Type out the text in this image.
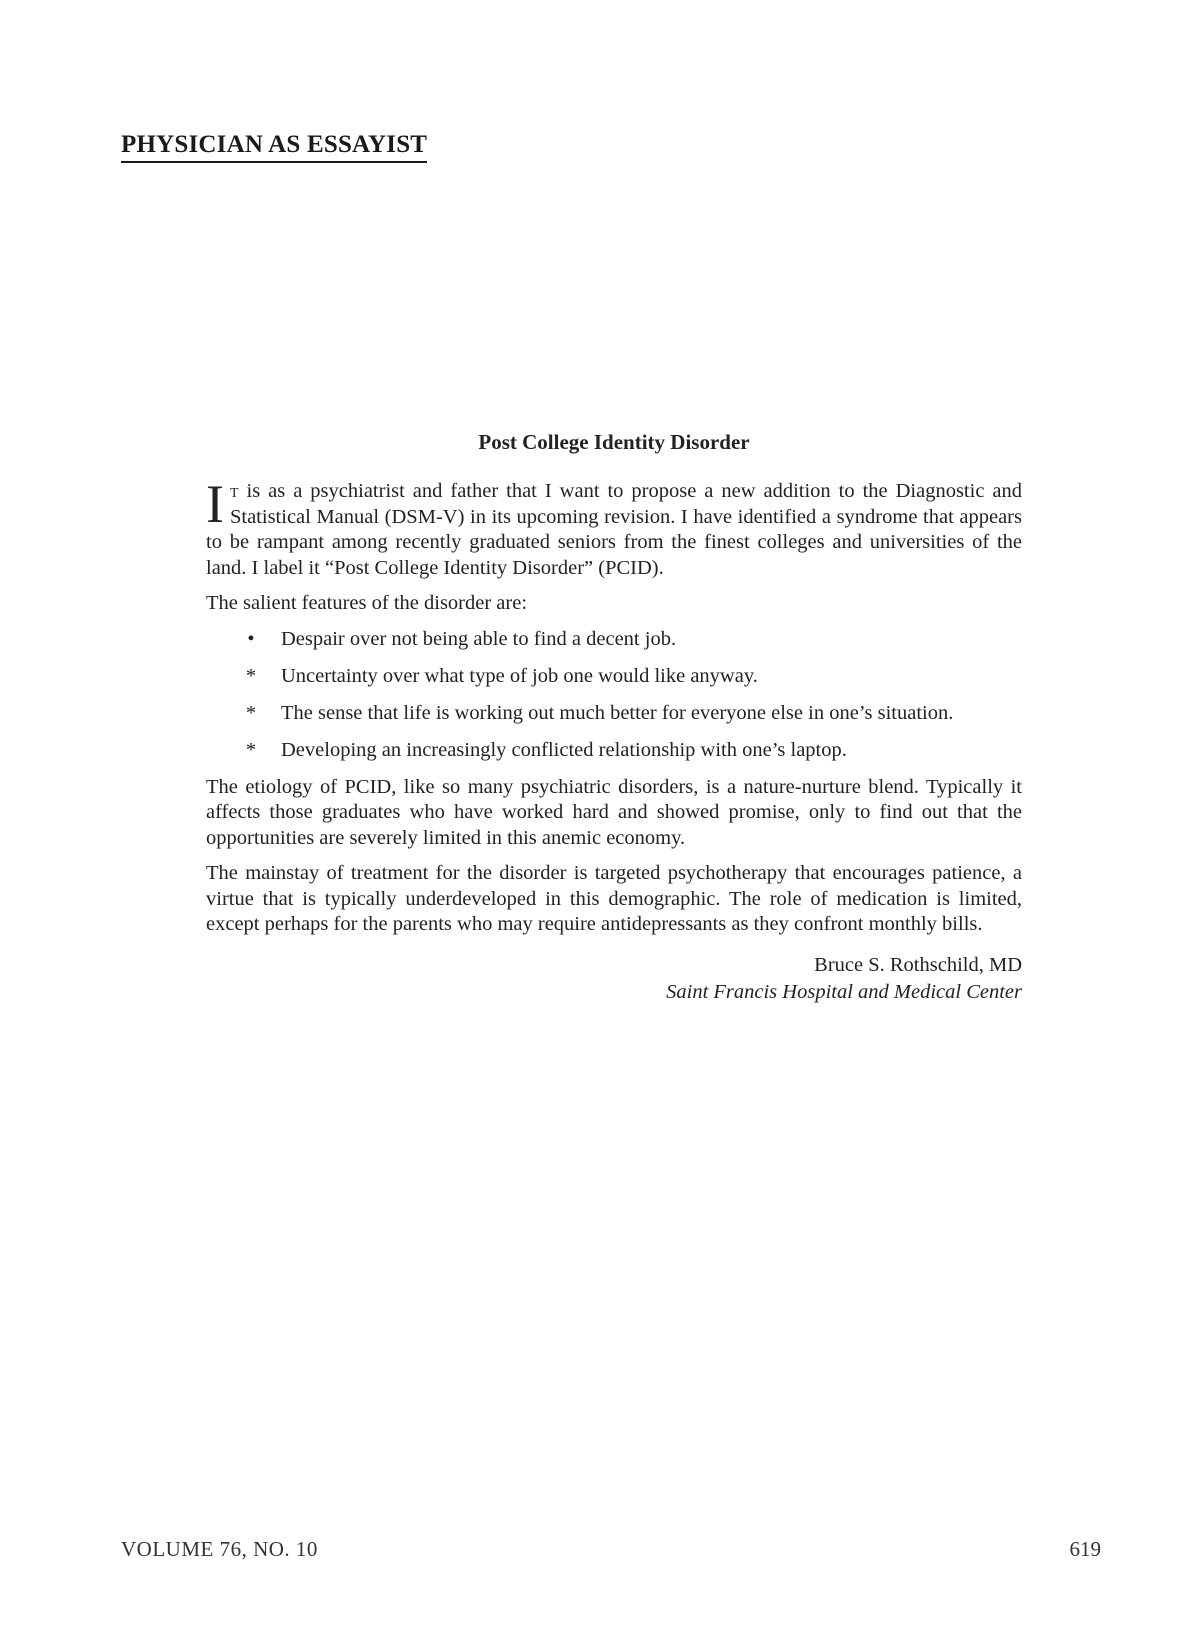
PHYSICIAN AS ESSAYIST
Post College Identity Disorder

It is as a psychiatrist and father that I want to propose a new addition to the Diagnostic and Statistical Manual (DSM-V) in its upcoming revision. I have identified a syndrome that appears to be rampant among recently graduated seniors from the finest colleges and universities of the land. I label it “Post College Identity Disorder” (PCID).

The salient features of the disorder are:

• Despair over not being able to find a decent job.
* Uncertainty over what type of job one would like anyway.
* The sense that life is working out much better for everyone else in one’s situation.
* Developing an increasingly conflicted relationship with one’s laptop.

The etiology of PCID, like so many psychiatric disorders, is a nature-nurture blend. Typically it affects those graduates who have worked hard and showed promise, only to find out that the opportunities are severely limited in this anemic economy.

The mainstay of treatment for the disorder is targeted psychotherapy that encourages patience, a virtue that is typically underdeveloped in this demographic. The role of medication is limited, except perhaps for the parents who may require antidepressants as they confront monthly bills.

Bruce S. Rothschild, MD
Saint Francis Hospital and Medical Center
VOLUME 76, NO. 10	619
